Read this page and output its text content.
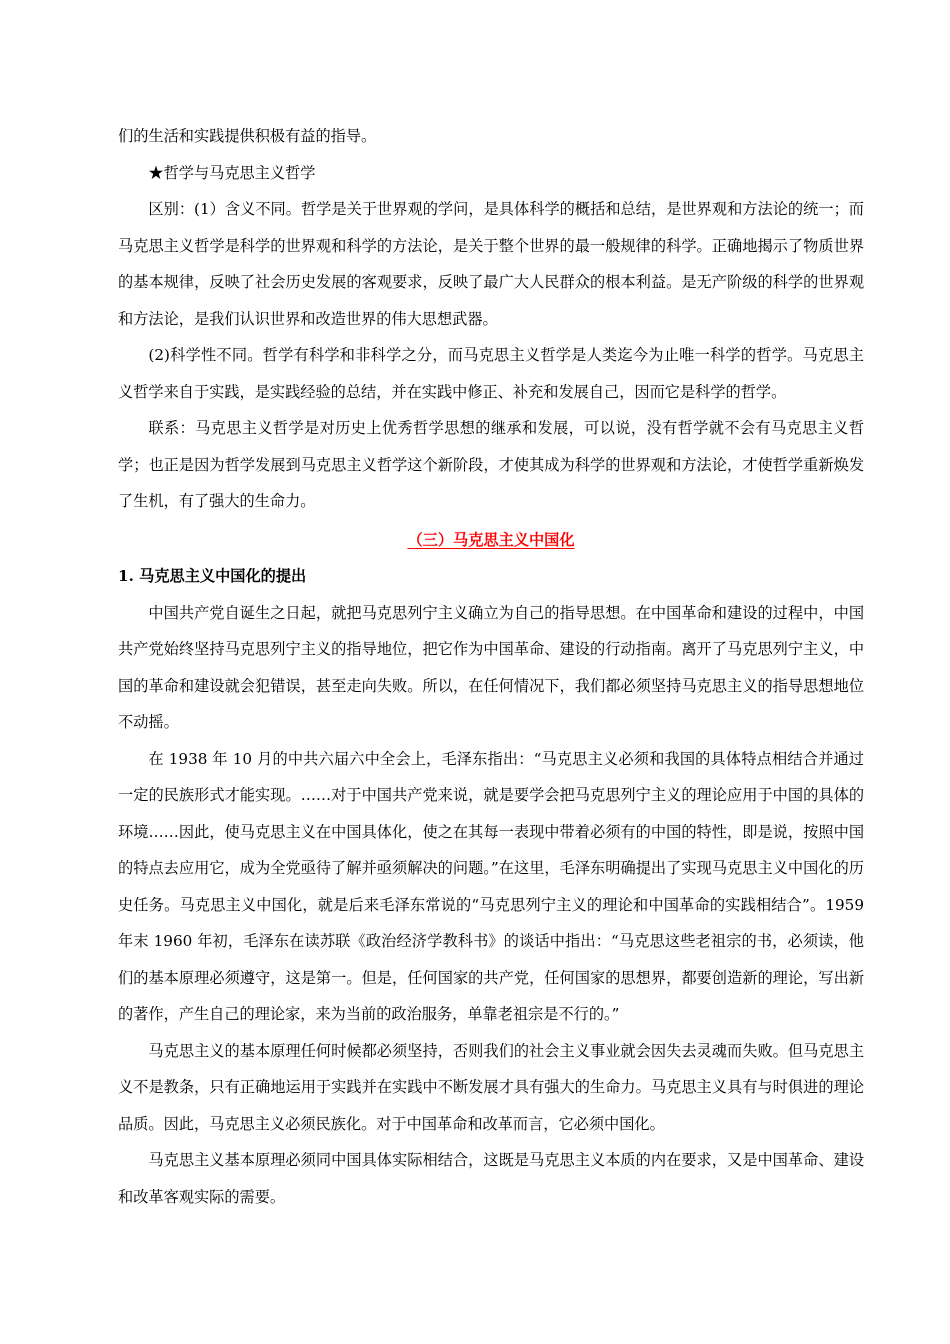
们的生活和实践提供积极有益的指导。

★哲学与马克思主义哲学

区别：(1）含义不同。哲学是关于世界观的学问，是具体科学的概括和总结，是世界观和方法论的统一；而马克思主义哲学是科学的世界观和科学的方法论，是关于整个世界的最一般规律的科学。正确地揭示了物质世界的基本规律，反映了社会历史发展的客观要求，反映了最广大人民群众的根本利益。是无产阶级的科学的世界观和方法论，是我们认识世界和改造世界的伟大思想武器。

(2)科学性不同。哲学有科学和非科学之分，而马克思主义哲学是人类迄今为止唯一科学的哲学。马克思主义哲学来自于实践，是实践经验的总结，并在实践中修正、补充和发展自己，因而它是科学的哲学。

联系：马克思主义哲学是对历史上优秀哲学思想的继承和发展，可以说，没有哲学就不会有马克思主义哲学；也正是因为哲学发展到马克思主义哲学这个新阶段，才使其成为科学的世界观和方法论，才使哲学重新焕发了生机，有了强大的生命力。

（三）马克思主义中国化

1. 马克思主义中国化的提出

中国共产党自诞生之日起，就把马克思列宁主义确立为自己的指导思想。在中国革命和建设的过程中，中国共产党始终坚持马克思列宁主义的指导地位，把它作为中国革命、建设的行动指南。离开了马克思列宁主义，中国的革命和建设就会犯错误，甚至走向失败。所以，在任何情况下，我们都必须坚持马克思主义的指导思想地位不动摇。

在 1938 年 10 月的中共六届六中全会上，毛泽东指出：“马克思主义必须和我国的具体特点相结合并通过一定的民族形式才能实现。……对于中国共产党来说，就是要学会把马克思列宁主义的理论应用于中国的具体的环境……因此，使马克思主义在中国具体化，使之在其每一表现中带着必须有的中国的特性，即是说，按照中国的特点去应用它，成为全党亟待了解并亟须解决的问题。”在这里，毛泽东明确提出了实现马克思主义中国化的历史任务。马克思主义中国化，就是后来毛泽东常说的“马克思列宁主义的理论和中国革命的实践相结合”。1959 年末 1960 年初，毛泽东在读苏联《政治经济学教科书》的谈话中指出：“马克思这些老祖宗的书，必须读，他们的基本原理必须遵守，这是第一。但是，任何国家的共产党，任何国家的思想界，都要创造新的理论，写出新的著作，产生自己的理论家，来为当前的政治服务，单靠老祖宗是不行的。”

马克思主义的基本原理任何时候都必须坚持，否则我们的社会主义事业就会因失去灵魂而失败。但马克思主义不是教条，只有正确地运用于实践并在实践中不断发展才具有强大的生命力。马克思主义具有与时俱进的理论品质。因此，马克思主义必须民族化。对于中国革命和改革而言，它必须中国化。

马克思主义基本原理必须同中国具体实际相结合，这既是马克思主义本质的内在要求，又是中国革命、建设和改革客观实际的需要。
